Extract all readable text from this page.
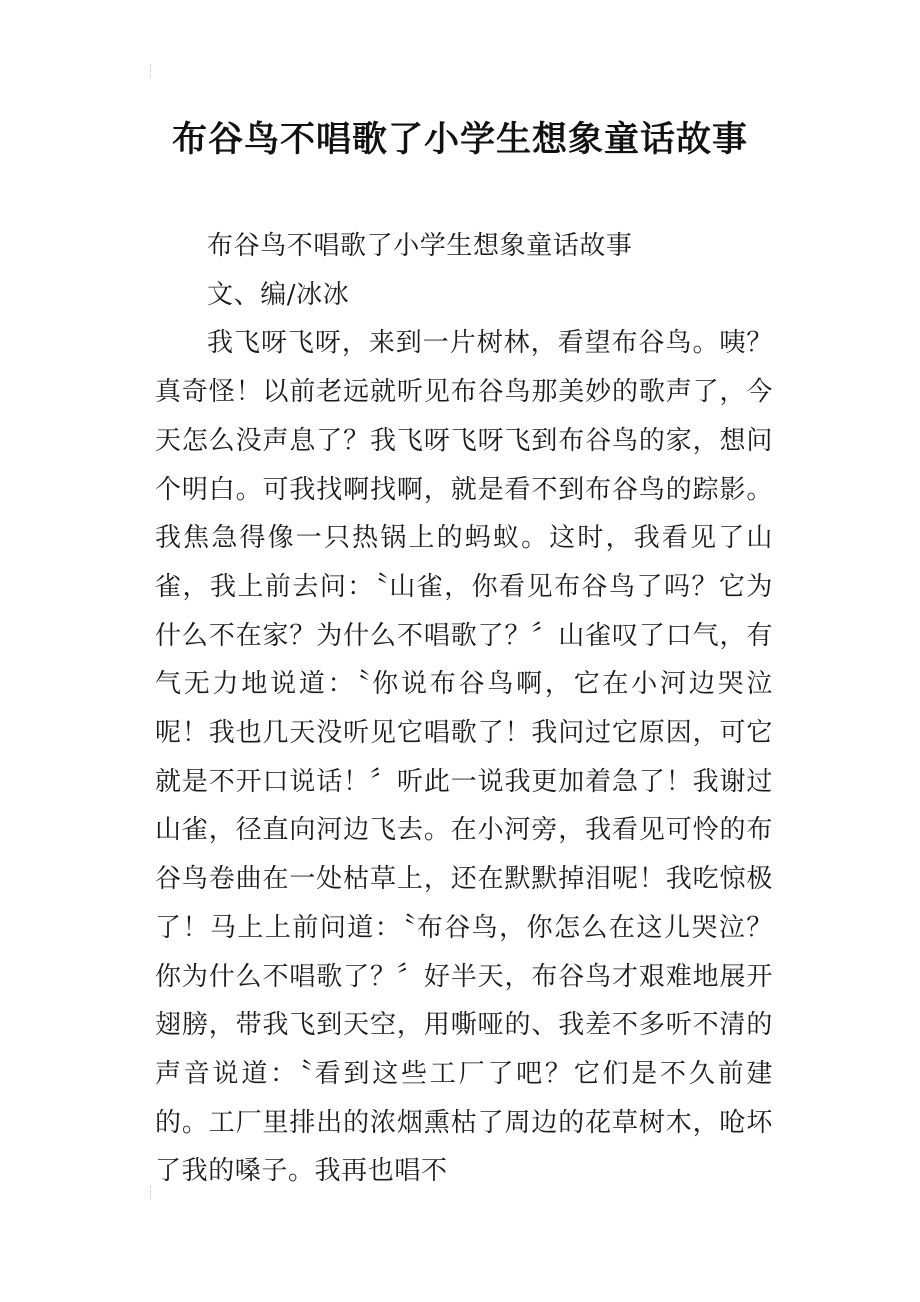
布谷鸟不唱歌了小学生想象童话故事

布谷鸟不唱歌了小学生想象童话故事

文、编/冰冰

我飞呀飞呀，来到一片树林，看望布谷鸟。咦？真奇怪！以前老远就听见布谷鸟那美妙的歌声了，今天怎么没声息了？我飞呀飞呀飞到布谷鸟的家，想问个明白。可我找啊找啊，就是看不到布谷鸟的踪影。我焦急得像一只热锅上的蚂蚁。这时，我看见了山雀，我上前去问：〝山雀，你看见布谷鸟了吗？它为什么不在家？为什么不唱歌了？〞山雀叹了口气，有气无力地说道：〝你说布谷鸟啊，它在小河边哭泣呢！我也几天没听见它唱歌了！我问过它原因，可它就是不开口说话！〞听此一说我更加着急了！我谢过山雀，径直向河边飞去。在小河旁，我看见可怜的布谷鸟卷曲在一处枯草上，还在默默掉泪呢！我吃惊极了！马上上前问道：〝布谷鸟，你怎么在这儿哭泣？你为什么不唱歌了？〞好半天，布谷鸟才艰难地展开翅膀，带我飞到天空，用嘶哑的、我差不多听不清的声音说道：〝看到这些工厂了吧？它们是不久前建的。工厂里排出的浓烟熏枯了周边的花草树木，呛坏了我的嗓子。我再也唱不
